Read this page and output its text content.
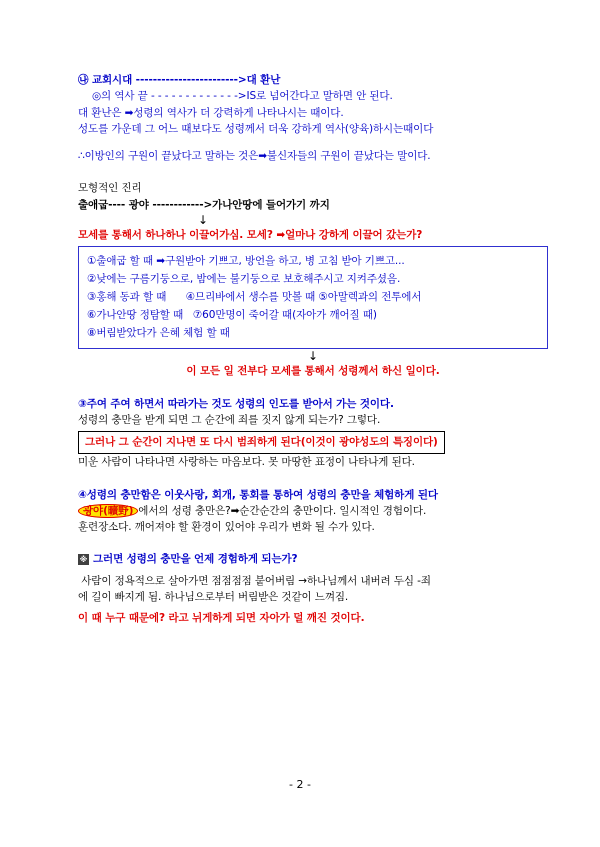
㉯ 교회시대 ------------------------>대 환난
◎의 역사 끝 - - - - - - - - - - - - ->IS로 넘어간다고 말하면 안 된다.
대 환난은 ➡성령의 역사가 더 강력하게 나타나시는 때이다.
성도를 가운데 그 어느 때보다도 성령께서 더욱 강하게 역사(양육)하시는때이다
∴이방인의 구원이 끝났다고 말하는 것은➡불신자들의 구원이 끝났다는 말이다.
모형적인 진리
출애굽---- 광야 ------------>가나안땅에 들어가기 까지
↓
모세를 통해서 하나하나 이끌어가심. 모세? ➡얼마나 강하게 이끌어 갔는가?
①출애굽 할 때 ➡구원받아 기쁘고, 방언을 하고, 병 고침 받아 기쁘고...
②낮에는 구름기둥으로, 밤에는 불기둥으로 보호해주시고 지켜주셨음.
③홍해 동과 할 때      ④므리바에서 생수를 맛볼 때 ⑤아말렉과의 전투에서
⑥가나안땅 정탐할 때   ⑦60만명이 죽어갈 때(자아가 깨어질 때)
⑧버림받았다가 은혜 체험 할 때
↓
이 모든 일 전부다 모세를 통해서 성령께서 하신 일이다.
③주여 주여 하면서 따라가는 것도 성령의 인도를 받아서 가는 것이다.
성령의 충만을 받게 되면 그 순간에 죄를 짓지 않게 되는가? 그렇다.
그러나 그 순간이 지나면 또 다시 범죄하게 된다(이것이 광야성도의 특징이다)
미운 사람이 나타나면 사랑하는 마음보다. 못 마땅한 표정이 나타나게 된다.
④성령의 충만함은 이웃사랑, 회개, 통회를 통하여 성령의 충만을 체험하게 된다
광야(曠野) 에서의 성령 충만은?➡순간순간의 충만이다. 일시적인 경험이다.
훈련장소다. 깨어져야 할 환경이 있어야 우리가 변화 될 수가 있다.
※ 그러면 성령의 충만을 언제 경험하게 되는가?
사람이 정욕적으로 살아가면 점점점점 붙어버림 →하나님께서 내버려 두심 -죄
에 길이 빠지게 됨. 하나님으로부터 버림받은 것같이 느껴짐.
이 때 누구 때문에? 라고 뉘게하게 되면 자아가 덜 깨진 것이다.
- 2 -
